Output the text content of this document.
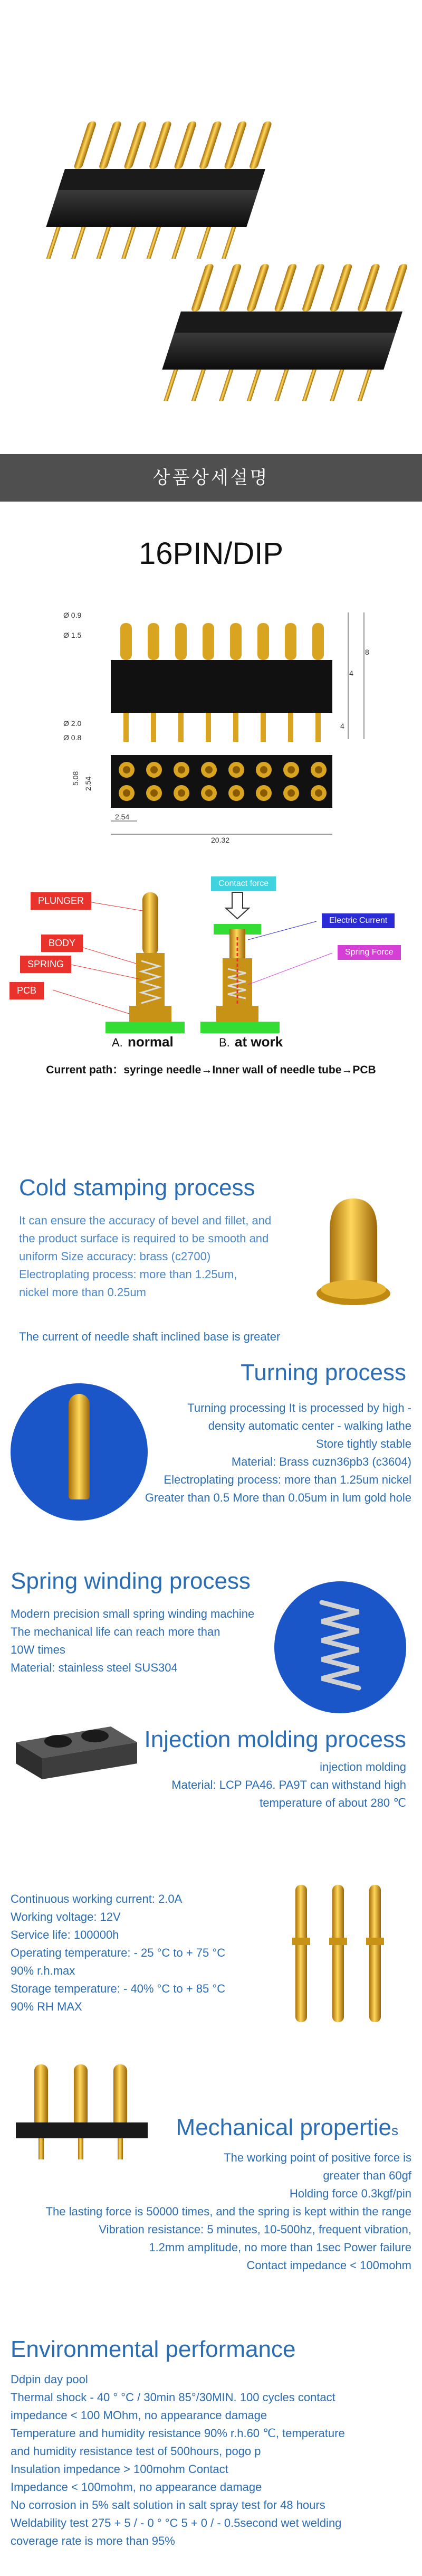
상품상세설명
16PIN/DIP
Ø 0.9
Ø 1.5
Ø 2.0
Ø 0.8
4
8
4
5.08 2.54
2.54
20.32
A. normal	B. at work
PLUNGER
BODY
SPRING
PCB
Contact force
Electric Current
Spring Force
Current path：syringe needle→Inner wall of needle tube→PCB
Cold stamping process
It can ensure the accuracy of bevel and fillet, and
the product surface is required to be smooth and
uniform Size accuracy: brass (c2700)
Electroplating process: more than 1.25um,
nickel more than 0.25um
The current of needle shaft inclined base is greater
Turning process
Turning processing It is processed by high -
density automatic center - walking lathe
Store tightly stable
Material: Brass cuzn36pb3 (c3604)
Electroplating process: more than 1.25um nickel
Greater than 0.5 More than 0.05um in lum gold hole
Spring winding process
Modern precision small spring winding machine
The mechanical life can reach more than
10W times
Material: stainless steel SUS304
Injection molding process
injection molding
Material: LCP PA46. PA9T can withstand high
temperature of about 280 ℃
Continuous working current: 2.0A
Working voltage: 12V
Service life: 100000h
Operating temperature: - 25 °C to + 75 °C
90% r.h.max
Storage temperature: - 40% °C to + 85 °C
90% RH MAX
Mechanical properties
The working point of positive force is
greater than 60gf
Holding force 0.3kgf/pin
The lasting force is 50000 times, and the spring is kept within the range
Vibration resistance: 5 minutes, 10-500hz, frequent vibration,
1.2mm amplitude, no more than 1sec Power failure
Contact impedance < 100mohm
Environmental performance
Ddpin day pool
Thermal shock - 40 ° °C / 30min 85°/30MIN. 100 cycles contact
impedance < 100 MOhm, no appearance damage
Temperature and humidity resistance 90% r.h.60 ℃, temperature
and humidity resistance test of 500hours, pogo p
Insulation impedance > 100mohm Contact
Impedance < 100mohm, no appearance damage
No corrosion in 5% salt solution in salt spray test for 48 hours
Weldability test 275 + 5 / - 0 ° °C 5 + 0 / - 0.5second wet welding
coverage rate is more than 95%
